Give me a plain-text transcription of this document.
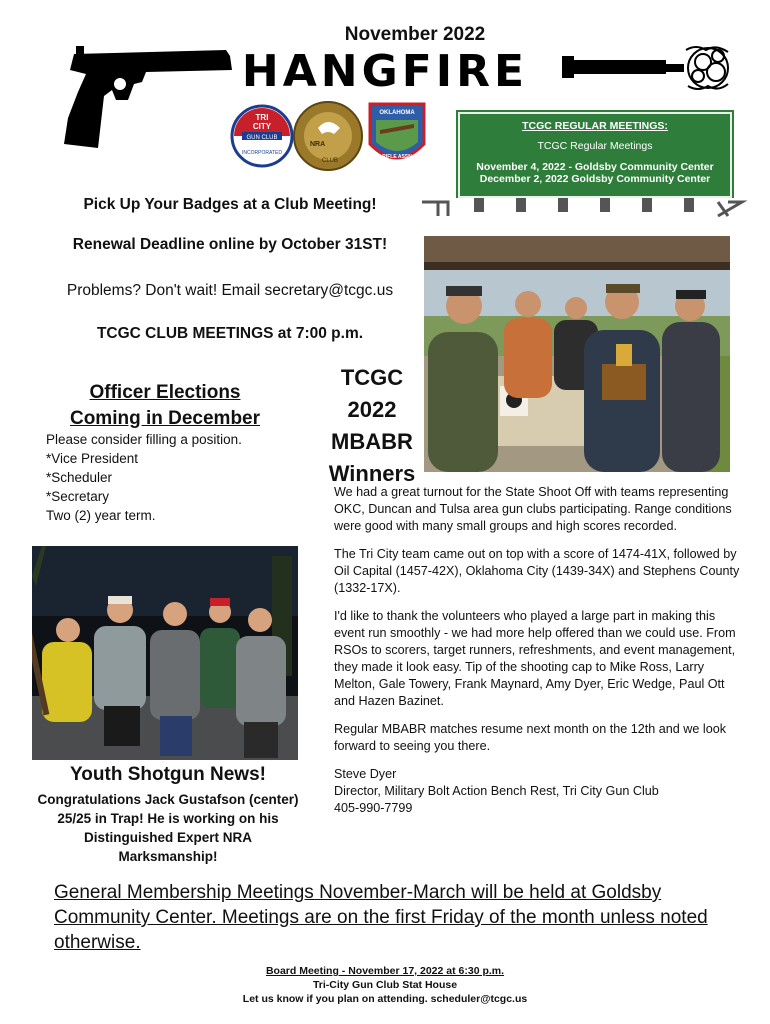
November 2022
HANGFIRE
TRI
CITY
GUN CLUB
INCORPORATED
NRA
CLUB
OKLAHOMA
RIFLE ASSN
TCGC REGULAR MEETINGS:
TCGC Regular Meetings
November 4, 2022 - Goldsby Community Center
December 2, 2022 Goldsby Community Center
Pick Up Your Badges at a Club Meeting!
Renewal Deadline online by October 31ST!
Problems? Don't wait! Email secretary@tcgc.us
TCGC CLUB MEETINGS at 7:00 p.m.
Officer Elections
Coming in December
Please consider filling a position.
*Vice President
*Scheduler
*Secretary
Two (2) year term.
TCGC
2022
MBABR
Winners

We had a great turnout for the State Shoot Off with teams representing OKC, Duncan and Tulsa area gun clubs participating. Range conditions were good with many small groups and high scores recorded.

The Tri City team came out on top with a score of 1474-41X, followed by Oil Capital (1457-42X), Oklahoma City (1439-34X) and Stephens County (1332-17X).

I'd like to thank the volunteers who played a large part in making this event run smoothly - we had more help offered than we could use. From RSOs to scorers, target runners, refreshments, and event management, they made it look easy. Tip of the shooting cap to Mike Ross, Larry Melton, Gale Towery, Frank Maynard, Amy Dyer, Eric Wedge, Paul Ott and Hazen Bazinet.

Regular MBABR matches resume next month on the 12th and we look forward to seeing you there.

Steve Dyer
Director, Military Bolt Action Bench Rest, Tri City Gun Club
405-990-7799
Youth Shotgun News!
Congratulations Jack Gustafson (center) 25/25 in Trap! He is working on his Distinguished Expert NRA Marksmanship!
General Membership Meetings November-March will be held at Goldsby Community Center. Meetings are on the first Friday of the month unless noted otherwise.
Board Meeting - November 17, 2022 at 6:30 p.m.
Tri-City Gun Club Stat House
Let us know if you plan on attending. scheduler@tcgc.us
